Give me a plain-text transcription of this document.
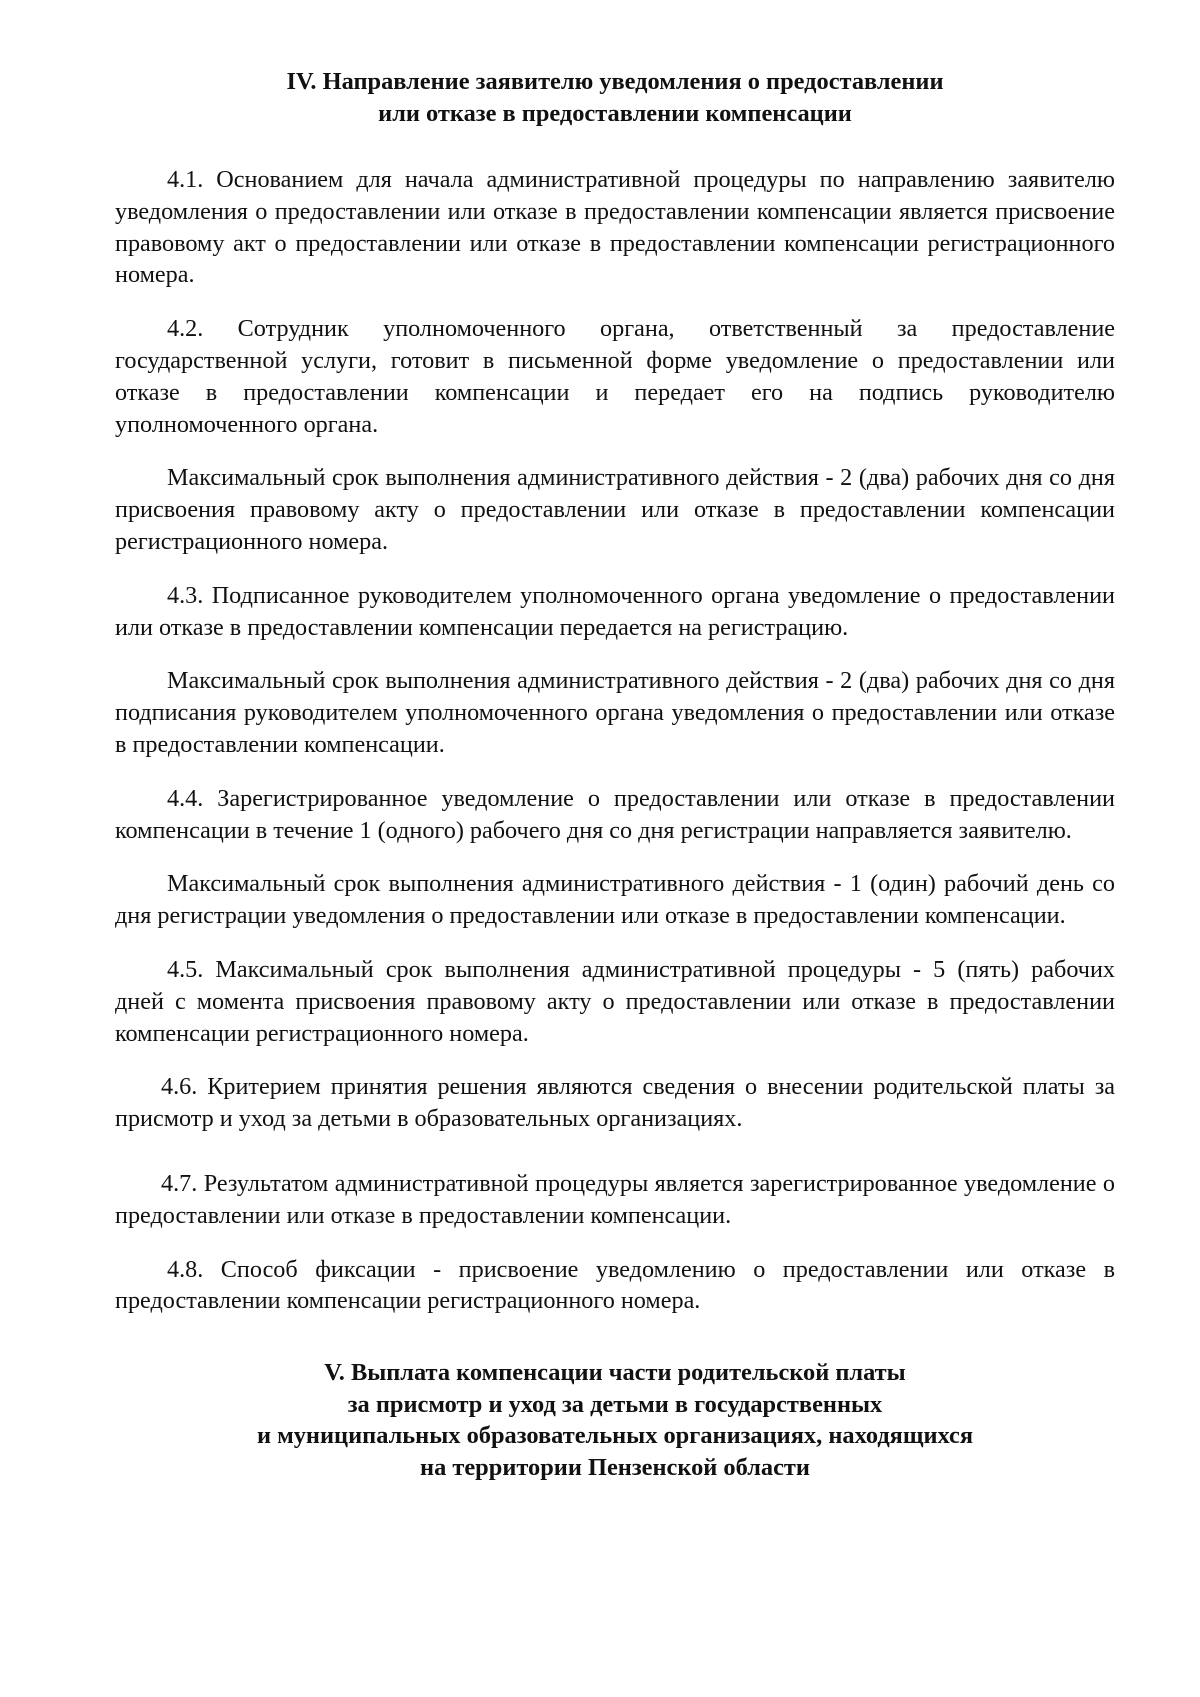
IV. Направление заявителю уведомления о предоставлении
или отказе в предоставлении компенсации

4.1. Основанием для начала административной процедуры по направлению заявителю уведомления о предоставлении или отказе в предоставлении компенсации является присвоение правовому акт о предоставлении или отказе в предоставлении компенсации регистрационного номера.

4.2. Сотрудник уполномоченного органа, ответственный за предоставление государственной услуги, готовит в письменной форме уведомление о предоставлении или отказе в предоставлении компенсации и передает его на подпись руководителю уполномоченного органа.

Максимальный срок выполнения административного действия - 2 (два) рабочих дня со дня присвоения правовому акту о предоставлении или отказе в предоставлении компенсации регистрационного номера.

4.3. Подписанное руководителем уполномоченного органа уведомление о предоставлении или отказе в предоставлении компенсации передается на регистрацию.

Максимальный срок выполнения административного действия - 2 (два) рабочих дня со дня подписания руководителем уполномоченного органа уведомления о предоставлении или отказе в предоставлении компенсации.

4.4. Зарегистрированное уведомление о предоставлении или отказе в предоставлении компенсации в течение 1 (одного) рабочего дня со дня регистрации направляется заявителю.

Максимальный срок выполнения административного действия - 1 (один) рабочий день со дня регистрации уведомления о предоставлении или отказе в предоставлении компенсации.

4.5. Максимальный срок выполнения административной процедуры - 5 (пять) рабочих дней с момента присвоения правовому акту о предоставлении или отказе в предоставлении компенсации регистрационного номера.

4.6. Критерием принятия решения являются сведения о внесении родительской платы за присмотр и уход за детьми в образовательных организациях.

4.7. Результатом административной процедуры является зарегистрированное уведомление о предоставлении или отказе в предоставлении компенсации.

4.8. Способ фиксации - присвоение уведомлению о предоставлении или отказе в предоставлении компенсации регистрационного номера.

V. Выплата компенсации части родительской платы
за присмотр и уход за детьми в государственных
и муниципальных образовательных организациях, находящихся
на территории Пензенской области
